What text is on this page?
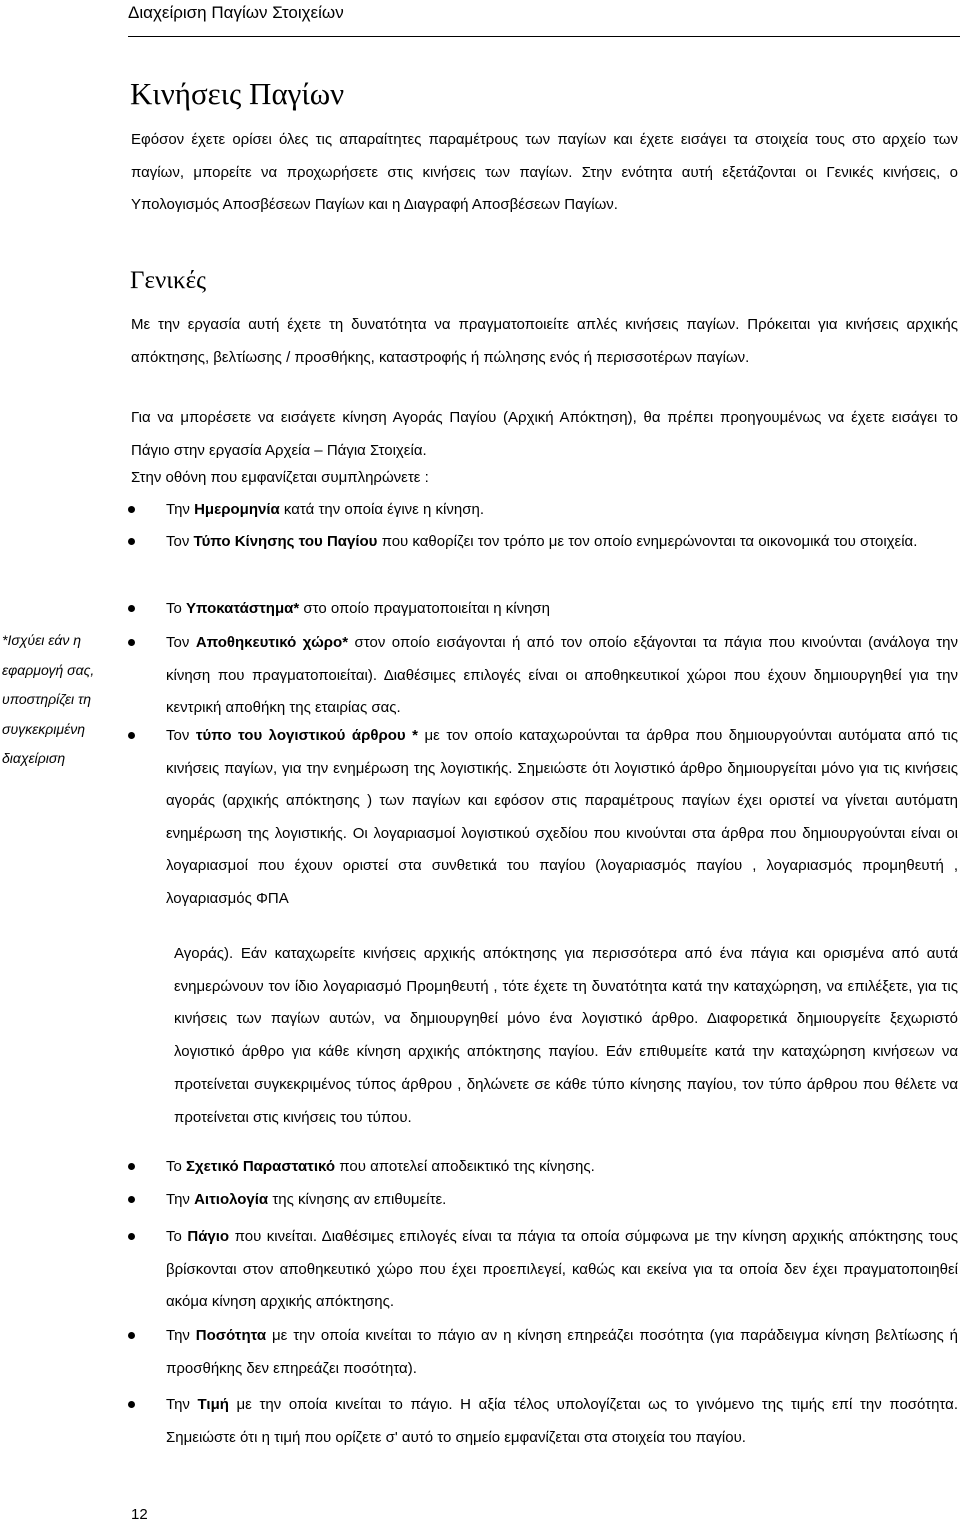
Διαχείριση Παγίων Στοιχείων
Κινήσεις Παγίων

Εφόσον έχετε ορίσει όλες τις απαραίτητες παραμέτρους των παγίων και έχετε εισάγει τα στοιχεία τους στο αρχείο των παγίων, μπορείτε να προχωρήσετε στις κινήσεις των παγίων. Στην ενότητα αυτή εξετάζονται οι Γενικές κινήσεις, ο Υπολογισμός Αποσβέσεων Παγίων και η Διαγραφή Αποσβέσεων Παγίων.

Γενικές

Με την εργασία αυτή έχετε τη δυνατότητα να πραγματοποιείτε απλές κινήσεις παγίων. Πρόκειται για κινήσεις αρχικής απόκτησης, βελτίωσης / προσθήκης, καταστροφής ή πώλησης ενός ή περισσοτέρων παγίων.

Για να μπορέσετε να εισάγετε κίνηση Αγοράς Παγίου (Αρχική Απόκτηση), θα πρέπει προηγουμένως να έχετε εισάγει το Πάγιο στην εργασία Αρχεία – Πάγια Στοιχεία.

Στην οθόνη που εμφανίζεται συμπληρώνετε :

Την Ημερομηνία κατά την οποία έγινε η κίνηση.
Τον Τύπο Κίνησης του Παγίου που καθορίζει τον τρόπο με τον οποίο ενημερώνονται τα οικονομικά του στοιχεία.
Το Υποκατάστημα* στο οποίο πραγματοποιείται η κίνηση
Τον Αποθηκευτικό χώρο* στον οποίο εισάγονται ή από τον οποίο εξάγονται τα πάγια που κινούνται (ανάλογα την κίνηση που πραγματοποιείται). Διαθέσιμες επιλογές είναι οι αποθηκευτικοί χώροι που έχουν δημιουργηθεί για την κεντρική αποθήκη της εταιρίας σας.
Τον τύπο του λογιστικού άρθρου * με τον οποίο καταχωρούνται τα άρθρα που δημιουργούνται αυτόματα από τις κινήσεις παγίων, για την ενημέρωση της λογιστικής. Σημειώστε ότι λογιστικό άρθρο δημιουργείται μόνο για τις κινήσεις αγοράς (αρχικής απόκτησης ) των παγίων και εφόσον στις παραμέτρους παγίων έχει οριστεί να γίνεται αυτόματη ενημέρωση της λογιστικής. Οι λογαριασμοί λογιστικού σχεδίου που κινούνται στα άρθρα που δημιουργούνται είναι οι λογαριασμοί που έχουν οριστεί στα συνθετικά του παγίου (λογαριασμός παγίου , λογαριασμός προμηθευτή , λογαριασμός ΦΠΑ

Αγοράς). Εάν καταχωρείτε κινήσεις αρχικής απόκτησης για περισσότερα από ένα πάγια και ορισμένα από αυτά ενημερώνουν τον ίδιο λογαριασμό Προμηθευτή , τότε έχετε τη δυνατότητα κατά την καταχώρηση, να επιλέξετε, για τις κινήσεις των παγίων αυτών, να δημιουργηθεί μόνο ένα λογιστικό άρθρο. Διαφορετικά δημιουργείτε ξεχωριστό λογιστικό άρθρο για κάθε κίνηση αρχικής απόκτησης παγίου. Εάν επιθυμείτε κατά την καταχώρηση κινήσεων να προτείνεται συγκεκριμένος τύπος άρθρου , δηλώνετε σε κάθε τύπο κίνησης παγίου, τον τύπο άρθρου που θέλετε να προτείνεται στις κινήσεις του τύπου.

Το Σχετικό Παραστατικό που αποτελεί αποδεικτικό της κίνησης.
Την Αιτιολογία της κίνησης αν επιθυμείτε.
Το Πάγιο που κινείται. Διαθέσιμες επιλογές είναι τα πάγια τα οποία σύμφωνα με την κίνηση αρχικής απόκτησης τους βρίσκονται στον αποθηκευτικό χώρο που έχει προεπιλεγεί, καθώς και εκείνα για τα οποία δεν έχει πραγματοποιηθεί ακόμα κίνηση αρχικής απόκτησης.
Την Ποσότητα με την οποία κινείται το πάγιο αν η κίνηση επηρεάζει ποσότητα (για παράδειγμα κίνηση βελτίωσης ή προσθήκης δεν επηρεάζει ποσότητα).
Την Τιμή με την οποία κινείται το πάγιο. Η αξία τέλος υπολογίζεται ως το γινόμενο της τιμής επί την ποσότητα. Σημειώστε ότι η τιμή που ορίζετε σ' αυτό το σημείο εμφανίζεται στα στοιχεία του παγίου.

*Ισχύει εάν η εφαρμογή σας, υποστηρίζει τη συγκεκριμένη διαχείριση

12
